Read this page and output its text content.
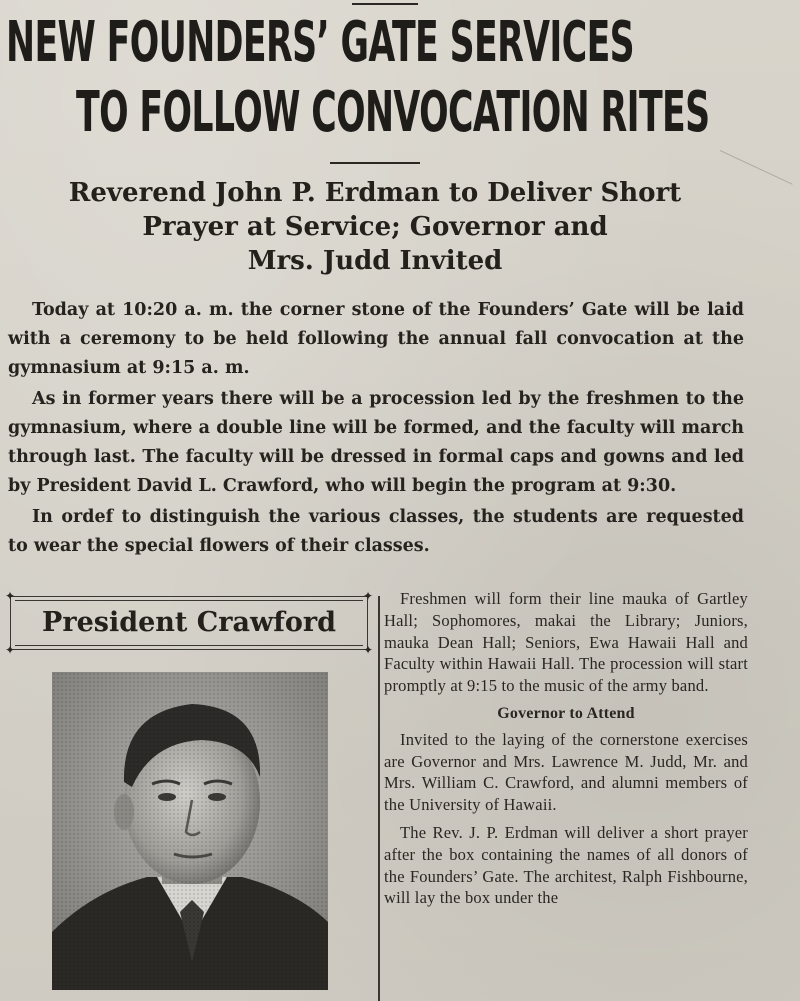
NEW FOUNDERS’ GATE SERVICES
TO FOLLOW CONVOCATION RITES
Reverend John P. Erdman to Deliver Short
Prayer at Service; Governor and
Mrs. Judd Invited

Today at 10:20 a. m. the corner stone of the Founders’ Gate will be laid with a ceremony to be held following the annual fall convocation at the gymnasium at 9:15 a. m.

As in former years there will be a procession led by the freshmen to the gymnasium, where a double line will be formed, and the faculty will march through last. The faculty will be dressed in formal caps and gowns and led by President David L. Crawford, who will begin the program at 9:30.

In ordef to distinguish the various classes, the students are requested to wear the special flowers of their classes.

✦	✦
✦	✦
President Crawford

Freshmen will form their line mauka of Gartley Hall; Sophomores, makai the Library; Juniors, mauka Dean Hall; Seniors, Ewa Hawaii Hall and Faculty within Hawaii Hall. The procession will start promptly at 9:15 to the music of the army band.

Governor to Attend

Invited to the laying of the cornerstone exercises are Governor and Mrs. Lawrence M. Judd, Mr. and Mrs. William C. Crawford, and alumni members of the University of Hawaii.

The Rev. J. P. Erdman will deliver a short prayer after the box containing the names of all donors of the Founders’ Gate. The architest, Ralph Fishbourne, will lay the box under the
